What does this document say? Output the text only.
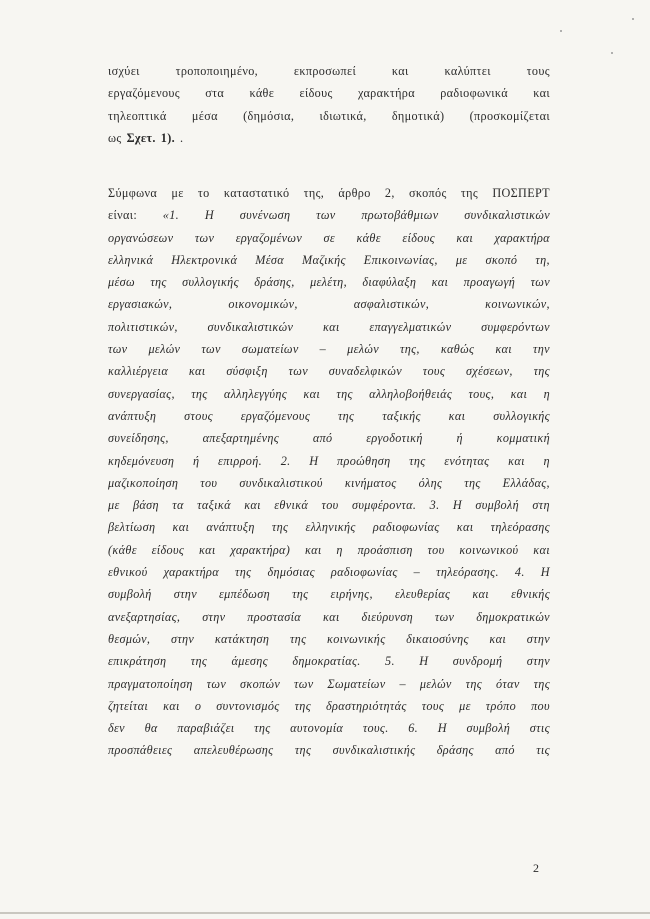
ισχύει	τροποποιημένο,	εκπροσωπεί	και	καλύπτει	τους
εργαζόμενους στα κάθε είδους χαρακτήρα ραδιοφωνικά και
τηλεοπτικά μέσα (δημόσια, ιδιωτικά, δημοτικά) (προσκομίζεται
ως Σχετ. 1). .
Σύμφωνα με το καταστατικό της, άρθρο 2, σκοπός της ΠΟΣΠΕΡΤ
είναι: «1. Η συνένωση των πρωτοβάθμιων συνδικαλιστικών
οργανώσεων των εργαζομένων σε κάθε είδους και χαρακτήρα
ελληνικά Ηλεκτρονικά Μέσα Μαζικής Επικοινωνίας, με σκοπό τη,
μέσω της συλλογικής δράσης, μελέτη, διαφύλαξη και προαγωγή των
εργασιακών,	οικονομικών,	ασφαλιστικών,	κοινωνικών,
πολιτιστικών, συνδικαλιστικών και επαγγελματικών συμφερόντων
των μελών των σωματείων – μελών της, καθώς και την
καλλιέργεια και σύσφιξη των συναδελφικών τους σχέσεων, της
συνεργασίας, της αλληλεγγύης και της αλληλοβοήθειάς τους, και η
ανάπτυξη στους εργαζόμενους της ταξικής και συλλογικής
συνείδησης,	απεξαρτημένης	από	εργοδοτική	ή	κομματική
κηδεμόνευση ή επιρροή. 2. Η προώθηση της ενότητας και η
μαζικοποίηση του συνδικαλιστικού κινήματος όλης της Ελλάδας,
με βάση τα ταξικά και εθνικά του συμφέροντα. 3. Η συμβολή στη
βελτίωση και ανάπτυξη της ελληνικής ραδιοφωνίας και τηλεόρασης
(κάθε είδους και χαρακτήρα) και η προάσπιση του κοινωνικού και
εθνικού χαρακτήρα της δημόσιας ραδιοφωνίας – τηλεόρασης. 4. Η
συμβολή στην εμπέδωση της ειρήνης, ελευθερίας και εθνικής
ανεξαρτησίας, στην προστασία και διεύρυνση των δημοκρατικών
θεσμών, στην κατάκτηση της κοινωνικής δικαιοσύνης και στην
επικράτηση της άμεσης δημοκρατίας. 5. Η συνδρομή στην
πραγματοποίηση των σκοπών των Σωματείων – μελών της όταν της
ζητείται και ο συντονισμός της δραστηριότητάς τους με τρόπο που
δεν θα παραβιάζει της αυτονομία τους. 6. Η συμβολή στις
προσπάθειες απελευθέρωσης της συνδικαλιστικής δράσης από τις
2
